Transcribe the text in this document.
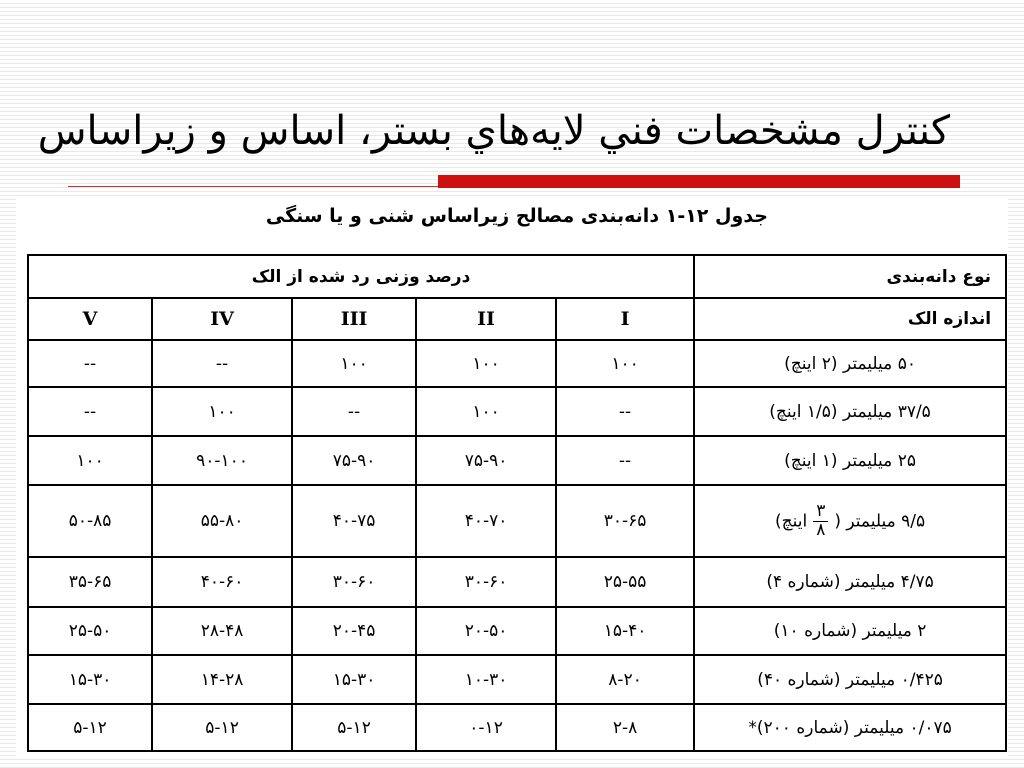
کنترل مشخصات فني لايه‌هاي بستر، اساس و زيراساس
جدول ۱۲-۱ دانه‌بندی مصالح زیراساس شنی و یا سنگی
نوع دانه‌بندی	درصد وزنی رد شده از الک				
اندازه الک	I	II	III	IV	V
۵۰ میلیمتر (۲ اینچ)	۱۰۰	۱۰۰	۱۰۰	--	--
۳۷/۵ میلیمتر (۱/۵ اینچ)	--	۱۰۰	--	۱۰۰	--
۲۵ میلیمتر (۱ اینچ)	--	۷۵-۹۰	۷۵-۹۰	۹۰-۱۰۰	۱۰۰
۹/۵ میلیمتر (
$\frac{۳}{۸}$
اینچ)	۳۰-۶۵	۴۰-۷۰	۴۰-۷۵	۵۵-۸۰	۵۰-۸۵
۴/۷۵ میلیمتر (شماره ۴)	۲۵-۵۵	۳۰-۶۰	۳۰-۶۰	۴۰-۶۰	۳۵-۶۵
۲ میلیمتر (شماره ۱۰)	۱۵-۴۰	۲۰-۵۰	۲۰-۴۵	۲۸-۴۸	۲۵-۵۰
۰/۴۲۵ میلیمتر (شماره ۴۰)	۸-۲۰	۱۰-۳۰	۱۵-۳۰	۱۴-۲۸	۱۵-۳۰
۰/۰۷۵ میلیمتر (شماره ۲۰۰)*	۲-۸	۰-۱۲	۵-۱۲	۵-۱۲	۵-۱۲
